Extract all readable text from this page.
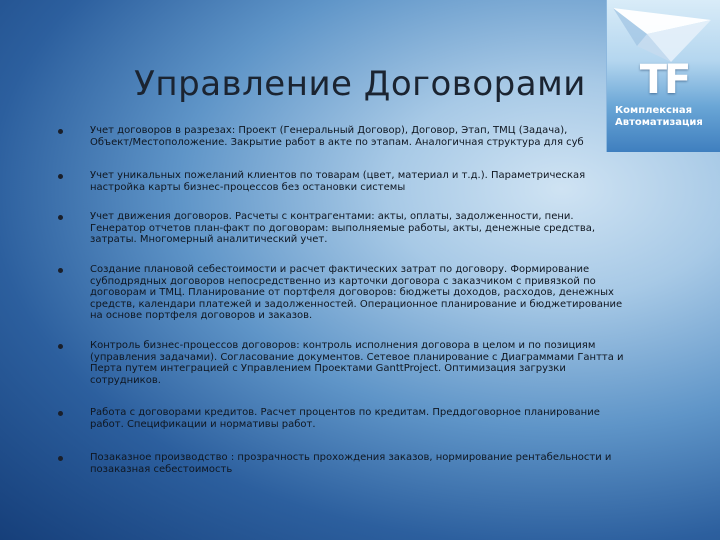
TF
Комплексная
Автоматизация
Управление Договорами
Учет договоров в разрезах: Проект (Генеральный Договор), Договор, Этап, ТМЦ (Задача),
Объект/Местоположение. Закрытие работ в акте по этапам. Аналогичная структура для суб
Учет уникальных пожеланий клиентов по товарам (цвет, материал и т.д.). Параметрическая
настройка карты бизнес-процессов без остановки системы
Учет движения договоров. Расчеты с контрагентами: акты, оплаты, задолженности, пени.
Генератор отчетов план-факт по договорам: выполняемые работы, акты, денежные средства,
затраты. Многомерный аналитический учет.
Создание плановой себестоимости и расчет фактических затрат по договору. Формирование
субподрядных договоров непосредственно из карточки договора с заказчиком с привязкой по
договорам и ТМЦ. Планирование от портфеля договоров: бюджеты доходов, расходов, денежных
средств, календари платежей и задолженностей. Операционное планирование и бюджетирование
на основе портфеля договоров и заказов.
Контроль бизнес-процессов договоров: контроль исполнения договора в целом и по позициям
(управления задачами). Согласование документов. Сетевое планирование с Диаграммами Гантта и
Перта путем интеграцией с Управлением Проектами GanttProject. Оптимизация загрузки
сотрудников.
Работа с договорами кредитов. Расчет процентов по кредитам. Преддоговорное планирование
работ. Спецификации и нормативы работ.
Позаказное производство : прозрачность прохождения заказов, нормирование рентабельности и
позаказная себестоимость
